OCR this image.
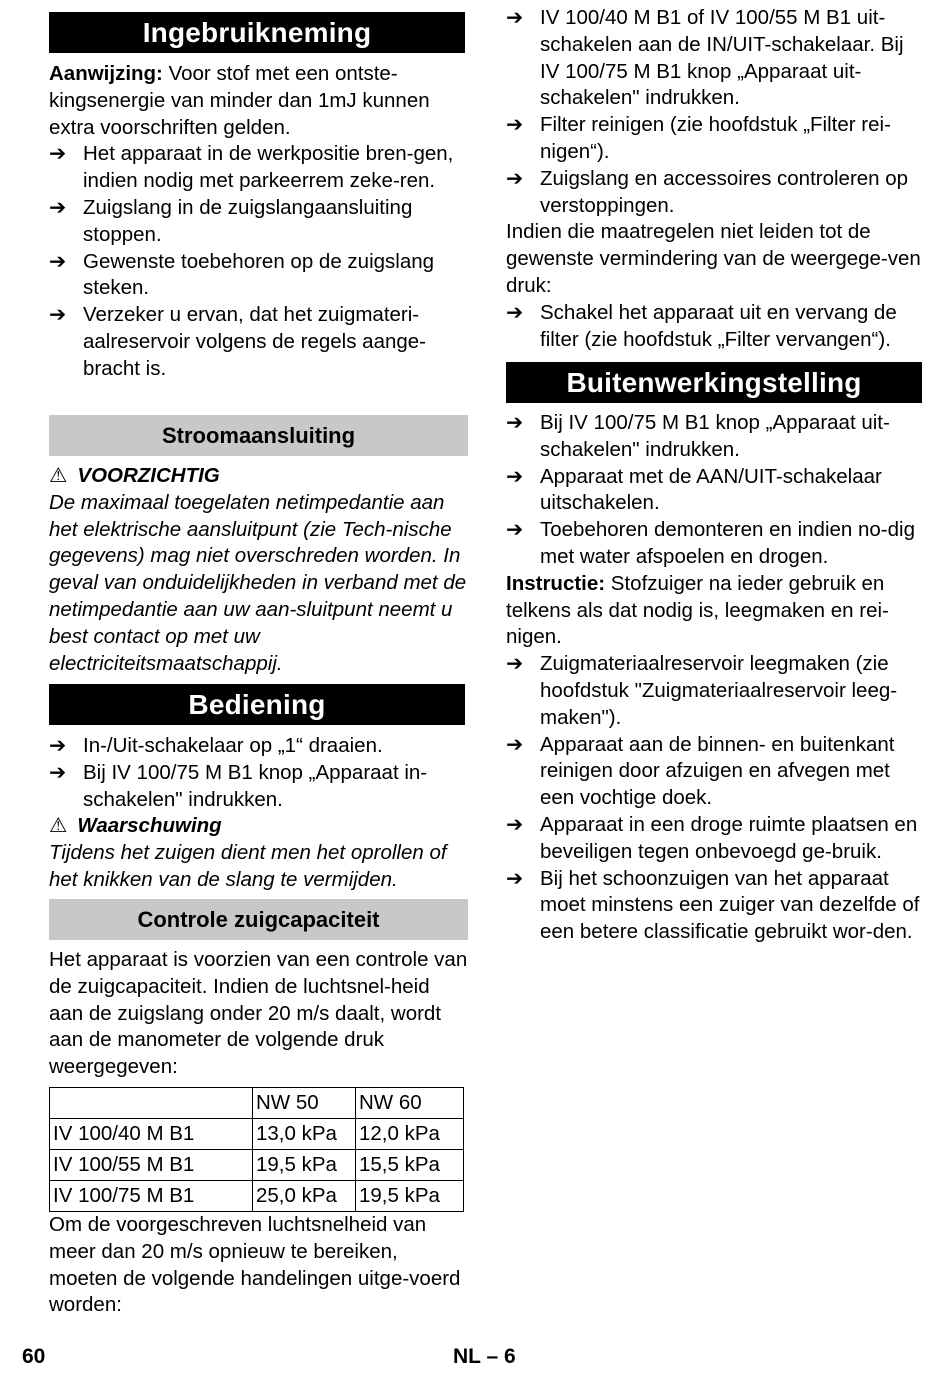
Ingebruikneming

Aanwijzing: Voor stof met een ontste-kingsenergie van minder dan 1mJ kunnen extra voorschriften gelden.

➔ Het apparaat in de werkpositie bren-gen, indien nodig met parkeerrem zeke-ren.
➔ Zuigslang in de zuigslangaansluiting stoppen.
➔ Gewenste toebehoren op de zuigslang steken.
➔ Verzeker u ervan, dat het zuigmateri-aalreservoir volgens de regels aange-bracht is.
Stroomaansluiting
⚠ VOORZICHTIG

De maximaal toegelaten netimpedantie aan het elektrische aansluitpunt (zie Tech-nische gegevens) mag niet overschreden worden. In geval van onduidelijkheden in verband met de netimpedantie aan uw aan-sluitpunt neemt u best contact op met uw electriciteitsmaatschappij.

Bediening
➔ In-/Uit-schakelaar op „1“ draaien.
➔ Bij IV 100/75 M B1 knop „Apparaat in-schakelen" indrukken.
⚠ Waarschuwing

Tijdens het zuigen dient men het oprollen of het knikken van de slang te vermijden.

Controle zuigcapaciteit

Het apparaat is voorzien van een controle van de zuigcapaciteit. Indien de luchtsnel-heid aan de zuigslang onder 20 m/s daalt, wordt aan de manometer de volgende druk weergegeven:

	NW 50	NW 60
IV 100/40 M B1	13,0 kPa	12,0 kPa
IV 100/55 M B1	19,5 kPa	15,5 kPa
IV 100/75 M B1	25,0 kPa	19,5 kPa

Om de voorgeschreven luchtsnelheid van meer dan 20 m/s opnieuw te bereiken, moeten de volgende handelingen uitge-voerd worden:

➔ IV 100/40 M B1 of IV 100/55 M B1 uit-schakelen aan de IN/UIT-schakelaar. Bij IV 100/75 M B1 knop „Apparaat uit-schakelen" indrukken.
➔ Filter reinigen (zie hoofdstuk „Filter rei-nigen“).
➔ Zuigslang en accessoires controleren op verstoppingen.

Indien die maatregelen niet leiden tot de gewenste vermindering van de weergege-ven druk:

➔ Schakel het apparaat uit en vervang de filter (zie hoofdstuk „Filter vervangen“).
Buitenwerkingstelling
➔ Bij IV 100/75 M B1 knop „Apparaat uit-schakelen" indrukken.
➔ Apparaat met de AAN/UIT-schakelaar uitschakelen.
➔ Toebehoren demonteren en indien no-dig met water afspoelen en drogen.

Instructie: Stofzuiger na ieder gebruik en telkens als dat nodig is, leegmaken en rei-nigen.

➔ Zuigmateriaalreservoir leegmaken (zie hoofdstuk "Zuigmateriaalreservoir leeg-maken").
➔ Apparaat aan de binnen- en buitenkant reinigen door afzuigen en afvegen met een vochtige doek.
➔ Apparaat in een droge ruimte plaatsen en beveiligen tegen onbevoegd ge-bruik.
➔ Bij het schoonzuigen van het apparaat moet minstens een zuiger van dezelfde of een betere classificatie gebruikt wor-den.
60	NL – 6
